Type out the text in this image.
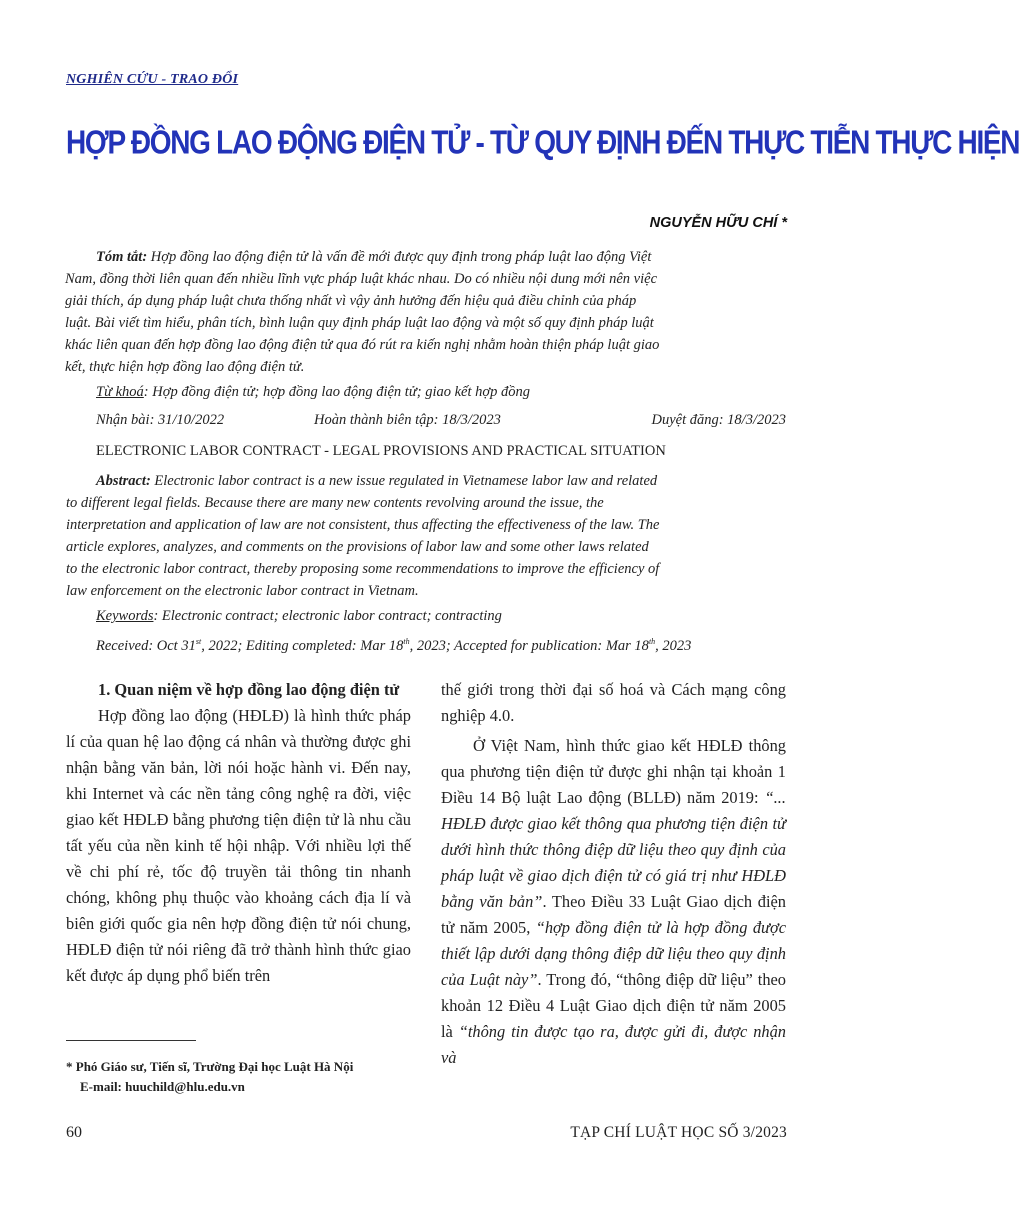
NGHIÊN CỨU - TRAO ĐỔI
HỢP ĐỒNG LAO ĐỘNG ĐIỆN TỬ - TỪ QUY ĐỊNH ĐẾN THỰC TIỄN THỰC HIỆN
NGUYỄN HỮU CHÍ *
Tóm tắt: Hợp đồng lao động điện tử là vấn đề mới được quy định trong pháp luật lao động Việt
Nam, đồng thời liên quan đến nhiều lĩnh vực pháp luật khác nhau. Do có nhiều nội dung mới nên việc
giải thích, áp dụng pháp luật chưa thống nhất vì vậy ảnh hưởng đến hiệu quả điều chỉnh của pháp
luật. Bài viết tìm hiểu, phân tích, bình luận quy định pháp luật lao động và một số quy định pháp luật
khác liên quan đến hợp đồng lao động điện tử qua đó rút ra kiến nghị nhằm hoàn thiện pháp luật giao
kết, thực hiện hợp đồng lao động điện tử.
Từ khoá: Hợp đồng điện tử; hợp đồng lao động điện tử; giao kết hợp đồng
Nhận bài: 31/10/2022	Hoàn thành biên tập: 18/3/2023	Duyệt đăng: 18/3/2023
ELECTRONIC LABOR CONTRACT - LEGAL PROVISIONS AND PRACTICAL SITUATION
Abstract: Electronic labor contract is a new issue regulated in Vietnamese labor law and related
to different legal fields. Because there are many new contents revolving around the issue, the
interpretation and application of law are not consistent, thus affecting the effectiveness of the law. The
article explores, analyzes, and comments on the provisions of labor law and some other laws related
to the electronic labor contract, thereby proposing some recommendations to improve the efficiency of
law enforcement on the electronic labor contract in Vietnam.
Keywords: Electronic contract; electronic labor contract; contracting
Received: Oct 31st, 2022; Editing completed: Mar 18th, 2023; Accepted for publication: Mar 18th, 2023

1. Quan niệm về hợp đồng lao động điện tử

Hợp đồng lao động (HĐLĐ) là hình thức pháp lí của quan hệ lao động cá nhân và thường được ghi nhận bằng văn bản, lời nói hoặc hành vi. Đến nay, khi Internet và các nền tảng công nghệ ra đời, việc giao kết HĐLĐ bằng phương tiện điện tử là nhu cầu tất yếu của nền kinh tế hội nhập. Với nhiều lợi thế về chi phí rẻ, tốc độ truyền tải thông tin nhanh chóng, không phụ thuộc vào khoảng cách địa lí và biên giới quốc gia nên hợp đồng điện tử nói chung, HĐLĐ điện tử nói riêng đã trở thành hình thức giao kết được áp dụng phổ biến trên

thế giới trong thời đại số hoá và Cách mạng công nghiệp 4.0.

Ở Việt Nam, hình thức giao kết HĐLĐ thông qua phương tiện điện tử được ghi nhận tại khoản 1 Điều 14 Bộ luật Lao động (BLLĐ) năm 2019: “... HĐLĐ được giao kết thông qua phương tiện điện tử dưới hình thức thông điệp dữ liệu theo quy định của pháp luật về giao dịch điện tử có giá trị như HĐLĐ bằng văn bản”. Theo Điều 33 Luật Giao dịch điện tử năm 2005, “hợp đồng điện tử là hợp đồng được thiết lập dưới dạng thông điệp dữ liệu theo quy định của Luật này”. Trong đó, “thông điệp dữ liệu” theo khoản 12 Điều 4 Luật Giao dịch điện tử năm 2005 là “thông tin được tạo ra, được gửi đi, được nhận và

* Phó Giáo sư, Tiến sĩ, Trường Đại học Luật Hà Nội
E-mail: huuchild@hlu.edu.vn
60	TẠP CHÍ LUẬT HỌC SỐ 3/2023
